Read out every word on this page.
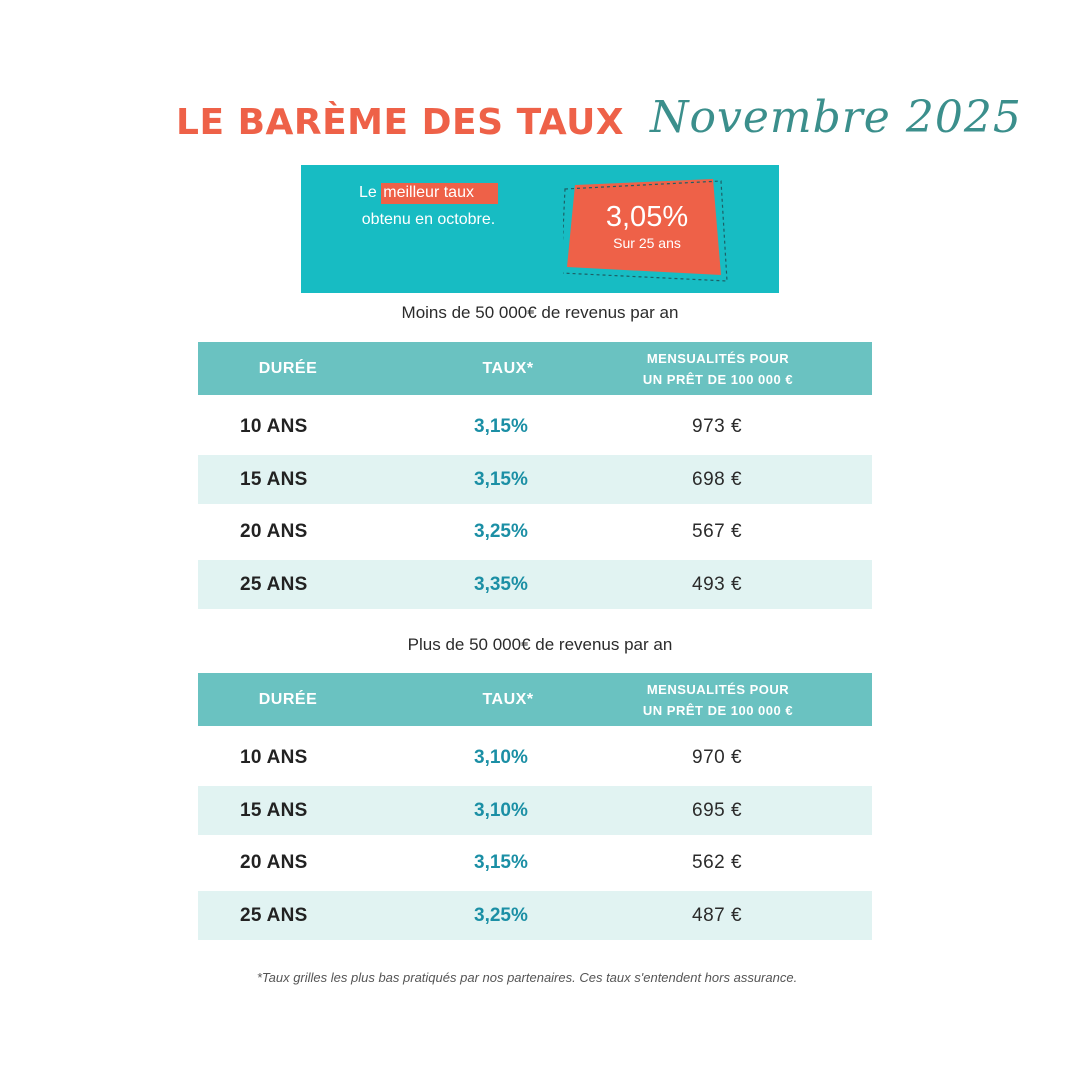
LE BARÈME DES TAUX Novembre 2025
Le meilleur taux
obtenu en octobre.	3,05%
Sur 25 ans
Moins de 50 000€ de revenus par an
DURÉE	TAUX*
MENSUALITÉS POUR
UN PRÊT DE 100 000 €
10 ANS	3,15%	973 €
15 ANS	3,15%	698 €
20 ANS	3,25%	567 €
25 ANS	3,35%	493 €
Plus de 50 000€ de revenus par an
DURÉE	TAUX*
MENSUALITÉS POUR
UN PRÊT DE 100 000 €
10 ANS	3,10%	970 €
15 ANS	3,10%	695 €
20 ANS	3,15%	562 €
25 ANS	3,25%	487 €
*Taux grilles les plus bas pratiqués par nos partenaires. Ces taux s'entendent hors assurance.
